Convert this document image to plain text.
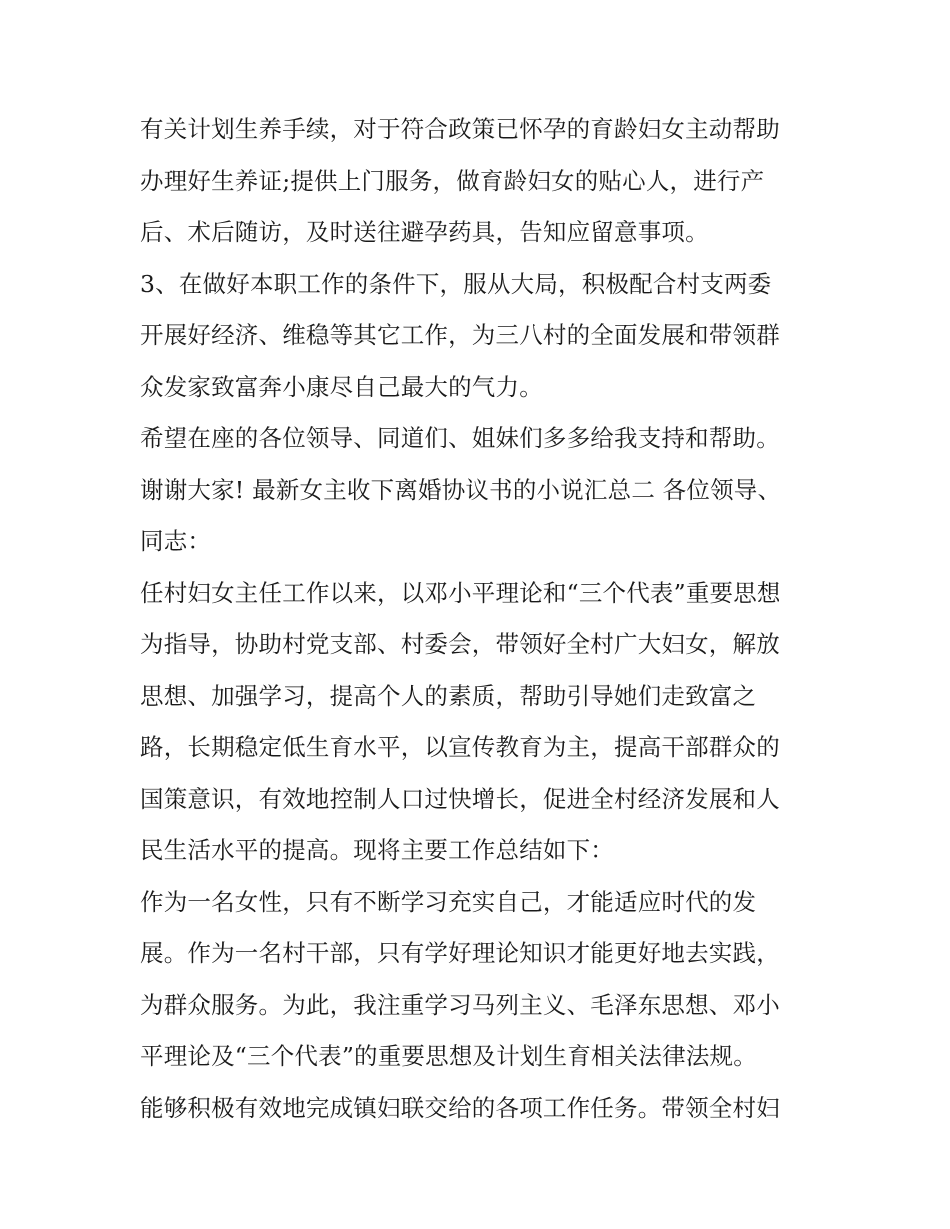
有关计划生养手续，对于符合政策已怀孕的育龄妇女主动帮助
办理好生养证;提供上门服务，做育龄妇女的贴心人，进行产
后、术后随访，及时送往避孕药具，告知应留意事项。
3、在做好本职工作的条件下，服从大局，积极配合村支两委
开展好经济、维稳等其它工作，为三八村的全面发展和带领群
众发家致富奔小康尽自己最大的气力。
希望在座的各位领导、同道们、姐妹们多多给我支持和帮助。
谢谢大家! 最新女主收下离婚协议书的小说汇总二 各位领导、
同志：
任村妇女主任工作以来，以邓小平理论和“三个代表”重要思想
为指导，协助村党支部、村委会，带领好全村广大妇女，解放
思想、加强学习，提高个人的素质，帮助引导她们走致富之
路，长期稳定低生育水平，以宣传教育为主，提高干部群众的
国策意识，有效地控制人口过快增长，促进全村经济发展和人
民生活水平的提高。现将主要工作总结如下：
作为一名女性，只有不断学习充实自己，才能适应时代的发
展。作为一名村干部，只有学好理论知识才能更好地去实践，
为群众服务。为此，我注重学习马列主义、毛泽东思想、邓小
平理论及“三个代表”的重要思想及计划生育相关法律法规。
能够积极有效地完成镇妇联交给的各项工作任务。带领全村妇
